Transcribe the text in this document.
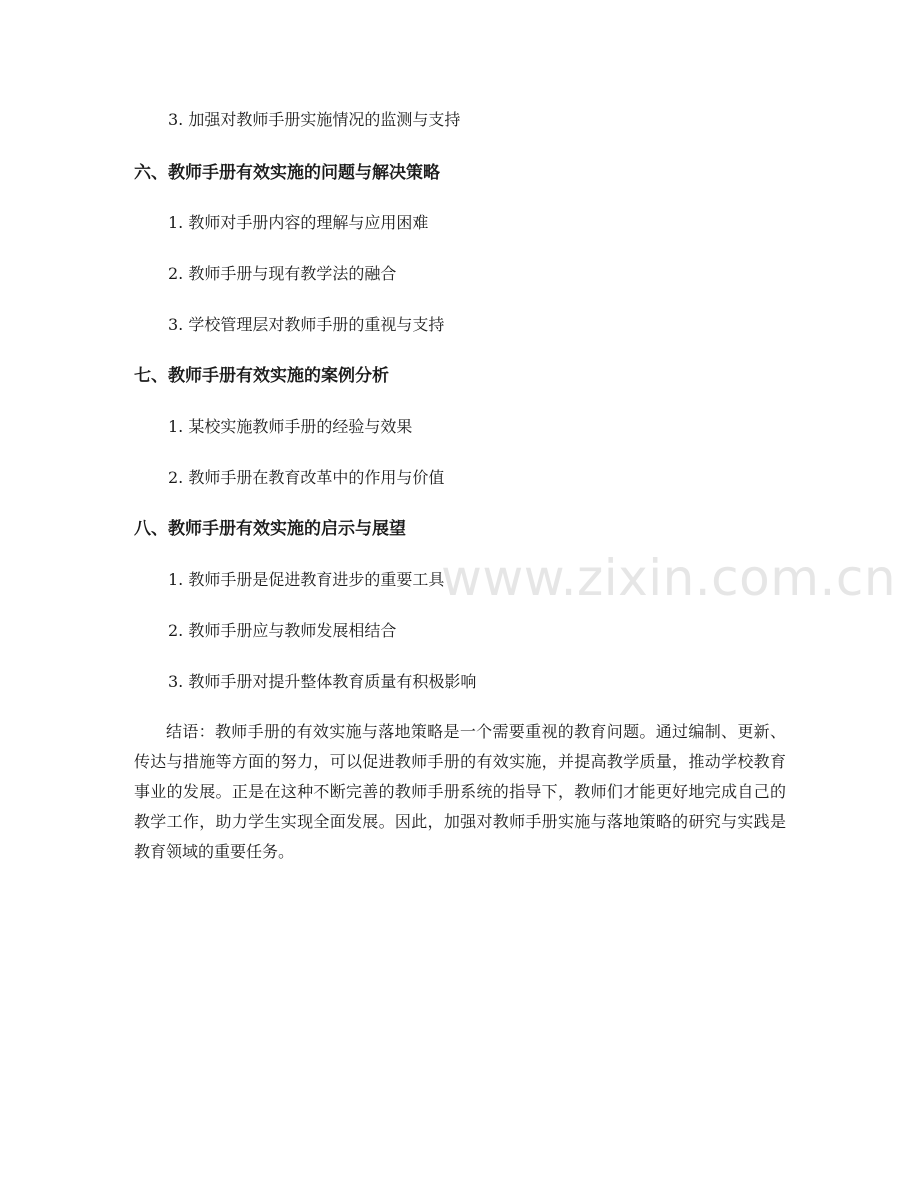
www.zixin.com.cn
3. 加强对教师手册实施情况的监测与支持
六、教师手册有效实施的问题与解决策略
1. 教师对手册内容的理解与应用困难
2. 教师手册与现有教学法的融合
3. 学校管理层对教师手册的重视与支持
七、教师手册有效实施的案例分析
1. 某校实施教师手册的经验与效果
2. 教师手册在教育改革中的作用与价值
八、教师手册有效实施的启示与展望
1. 教师手册是促进教育进步的重要工具
2. 教师手册应与教师发展相结合
3. 教师手册对提升整体教育质量有积极影响
结语：教师手册的有效实施与落地策略是一个需要重视的教育问题。通过编制、更新、传达与措施等方面的努力，可以促进教师手册的有效实施，并提高教学质量，推动学校教育事业的发展。正是在这种不断完善的教师手册系统的指导下，教师们才能更好地完成自己的教学工作，助力学生实现全面发展。因此，加强对教师手册实施与落地策略的研究与实践是教育领域的重要任务。
